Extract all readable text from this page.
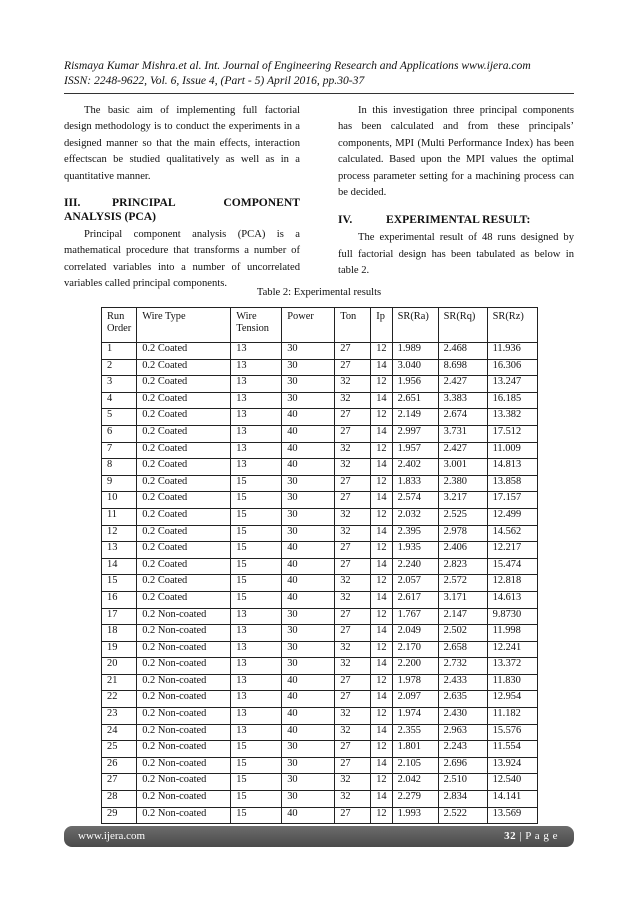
Rismaya Kumar Mishra.et al. Int. Journal of Engineering Research and Applications www.ijera.com
ISSN: 2248-9622, Vol. 6, Issue 4, (Part - 5) April 2016, pp.30-37

The basic aim of implementing full factorial design methodology is to conduct the experiments in a designed manner so that the main effects, interaction effectscan be studied qualitatively as well as in a quantitative manner.

III.	PRINCIPAL COMPONENT ANALYSIS (PCA)

Principal component analysis (PCA) is a mathematical procedure that transforms a number of correlated variables into a number of uncorrelated variables called principal components.

In this investigation three principal components has been calculated and from these principals’ components, MPI (Multi Performance Index) has been calculated. Based upon the MPI values the optimal process parameter setting for a machining process can be decided.

IV.	EXPERIMENTAL RESULT:

The experimental result of 48 runs designed by full factorial design has been tabulated as below in table 2.

Table 2: Experimental results
Run Order	Wire Type	Wire Tension	Power	Ton	Ip	SR(Ra)	SR(Rq)	SR(Rz)
1	0.2 Coated	13	30	27	12	1.989	2.468	11.936
2	0.2 Coated	13	30	27	14	3.040	8.698	16.306
3	0.2 Coated	13	30	32	12	1.956	2.427	13.247
4	0.2 Coated	13	30	32	14	2.651	3.383	16.185
5	0.2 Coated	13	40	27	12	2.149	2.674	13.382
6	0.2 Coated	13	40	27	14	2.997	3.731	17.512
7	0.2 Coated	13	40	32	12	1.957	2.427	11.009
8	0.2 Coated	13	40	32	14	2.402	3.001	14.813
9	0.2 Coated	15	30	27	12	1.833	2.380	13.858
10	0.2 Coated	15	30	27	14	2.574	3.217	17.157
11	0.2 Coated	15	30	32	12	2.032	2.525	12.499
12	0.2 Coated	15	30	32	14	2.395	2.978	14.562
13	0.2 Coated	15	40	27	12	1.935	2.406	12.217
14	0.2 Coated	15	40	27	14	2.240	2.823	15.474
15	0.2 Coated	15	40	32	12	2.057	2.572	12.818
16	0.2 Coated	15	40	32	14	2.617	3.171	14.613
17	0.2 Non-coated	13	30	27	12	1.767	2.147	9.8730
18	0.2 Non-coated	13	30	27	14	2.049	2.502	11.998
19	0.2 Non-coated	13	30	32	12	2.170	2.658	12.241
20	0.2 Non-coated	13	30	32	14	2.200	2.732	13.372
21	0.2 Non-coated	13	40	27	12	1.978	2.433	11.830
22	0.2 Non-coated	13	40	27	14	2.097	2.635	12.954
23	0.2 Non-coated	13	40	32	12	1.974	2.430	11.182
24	0.2 Non-coated	13	40	32	14	2.355	2.963	15.576
25	0.2 Non-coated	15	30	27	12	1.801	2.243	11.554
26	0.2 Non-coated	15	30	27	14	2.105	2.696	13.924
27	0.2 Non-coated	15	30	32	12	2.042	2.510	12.540
28	0.2 Non-coated	15	30	32	14	2.279	2.834	14.141
29	0.2 Non-coated	15	40	27	12	1.993	2.522	13.569
www.ijera.com	32 | P a g e
